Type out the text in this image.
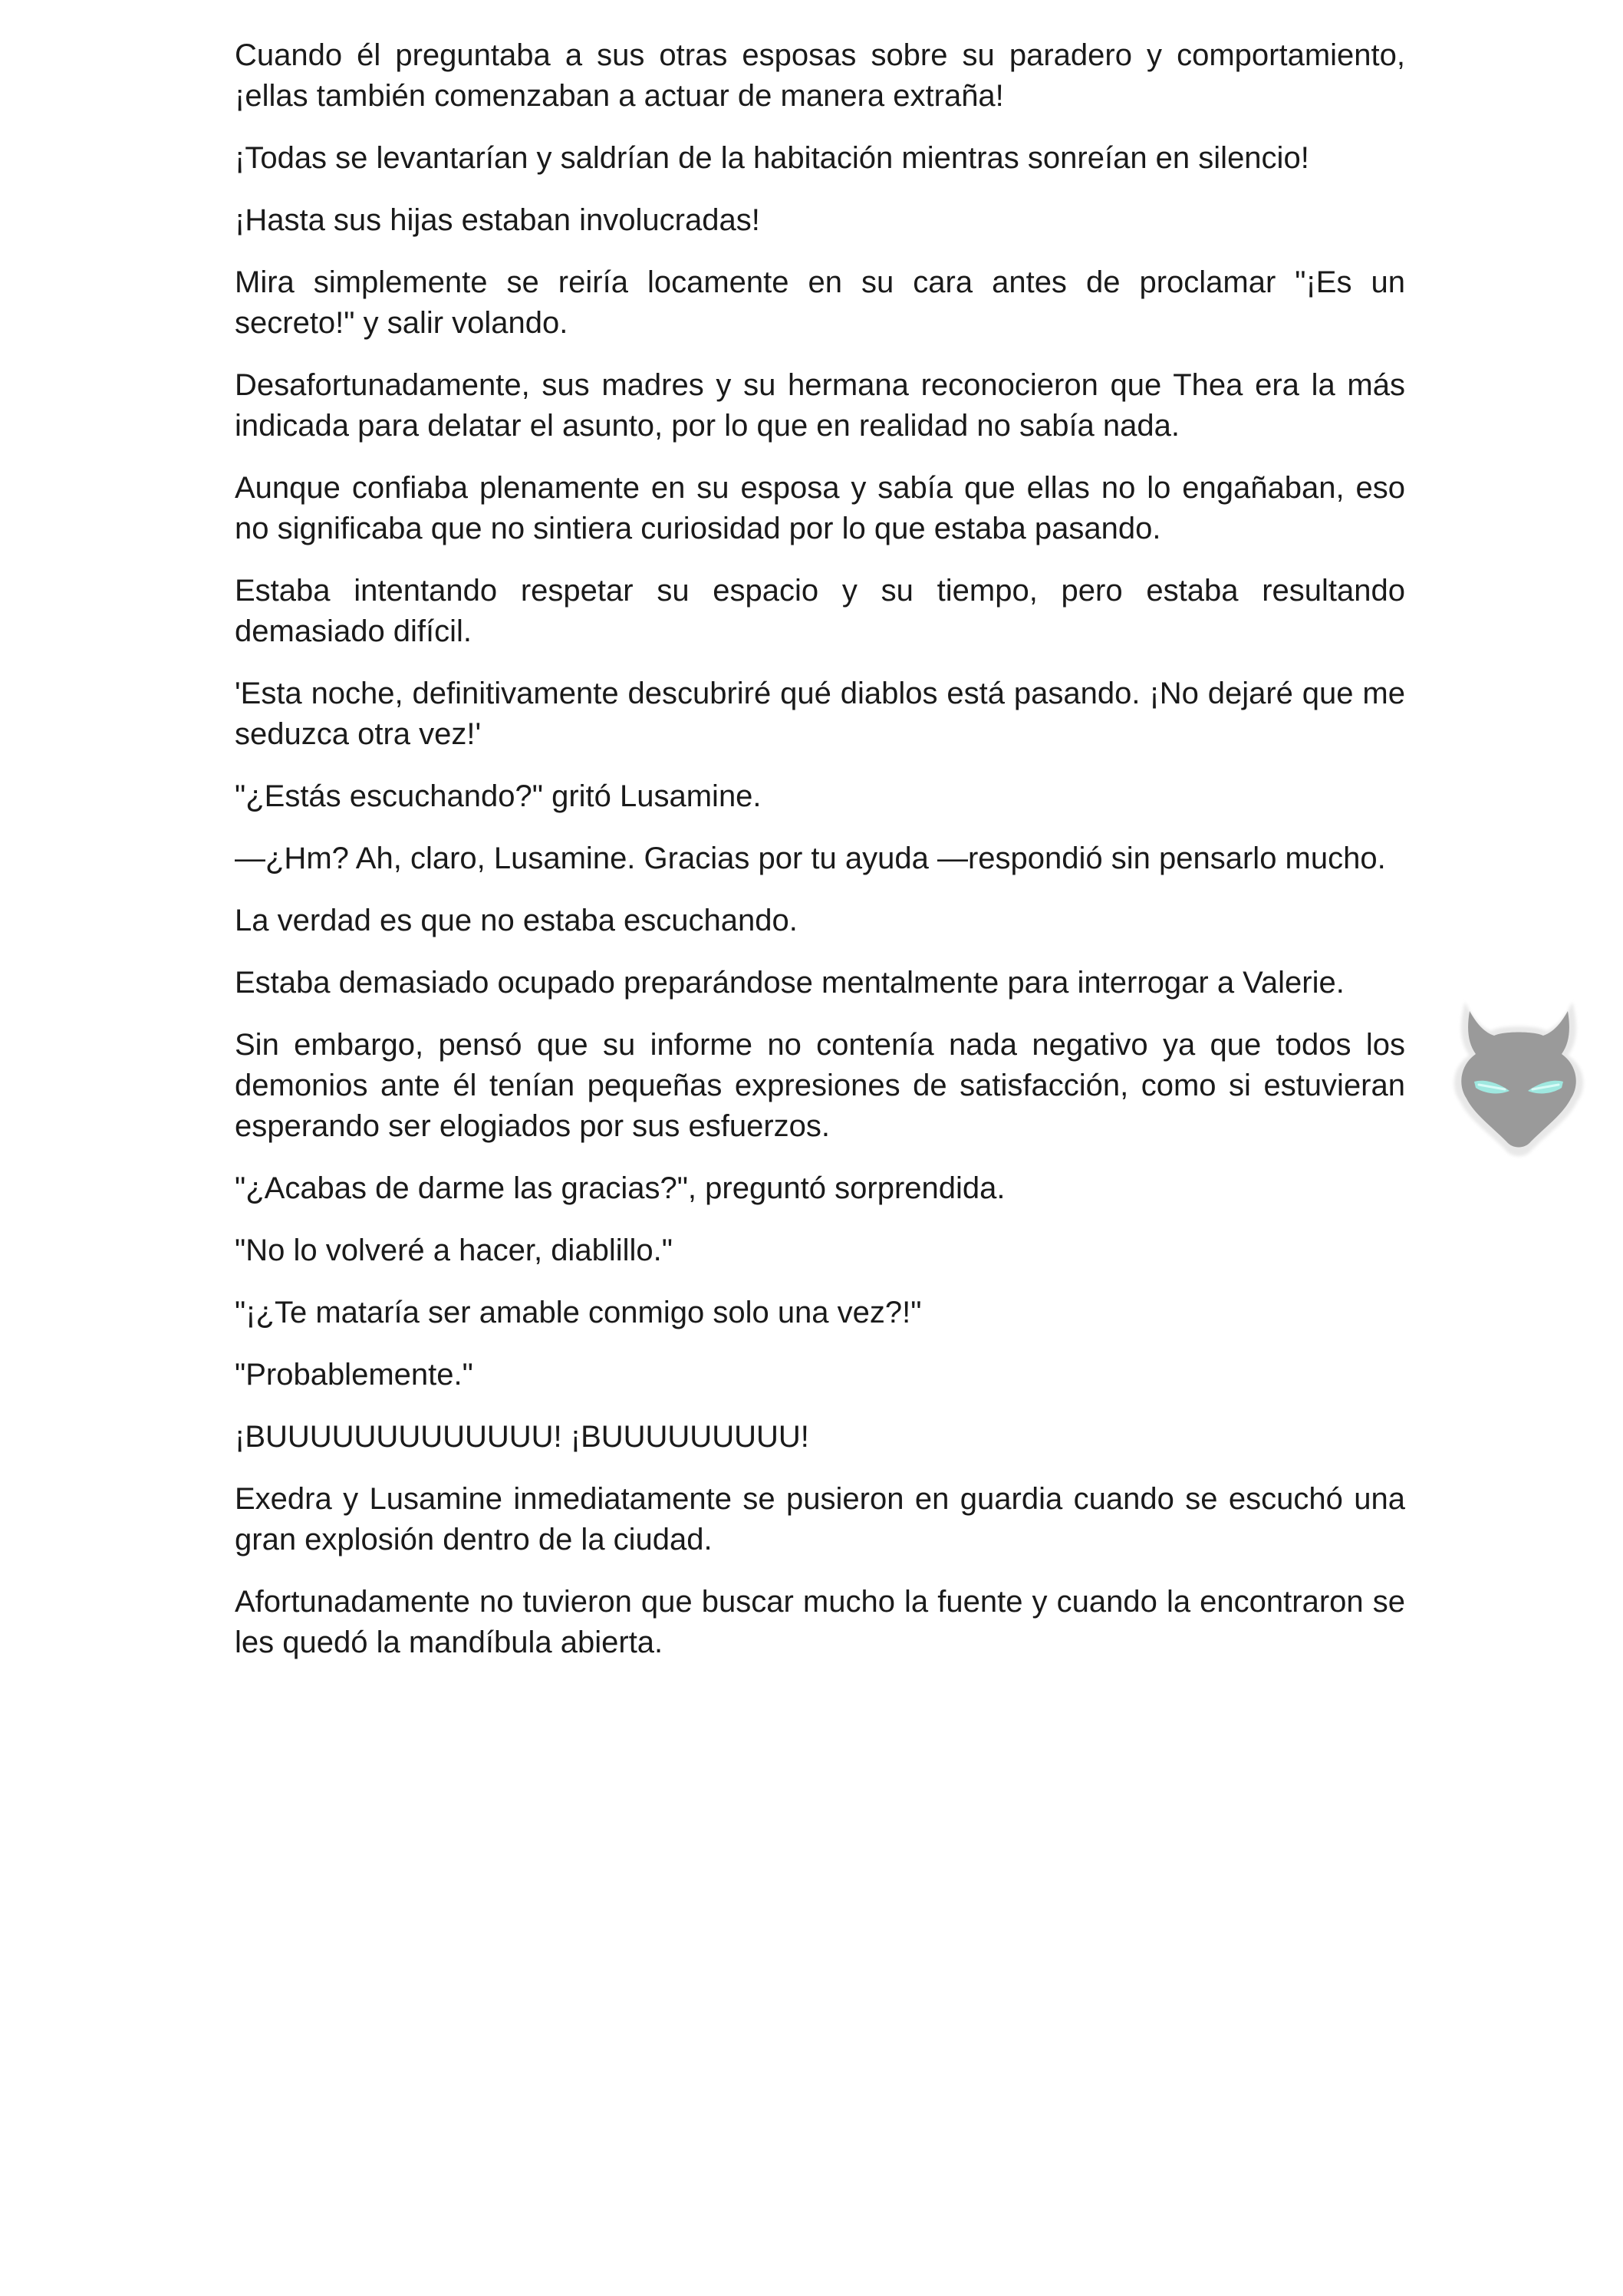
Cuando él preguntaba a sus otras esposas sobre su paradero y comportamiento, ¡ellas también comenzaban a actuar de manera extraña!

¡Todas se levantarían y saldrían de la habitación mientras sonreían en silencio!

¡Hasta sus hijas estaban involucradas!

Mira simplemente se reiría locamente en su cara antes de proclamar "¡Es un secreto!" y salir volando.

Desafortunadamente, sus madres y su hermana reconocieron que Thea era la más indicada para delatar el asunto, por lo que en realidad no sabía nada.

Aunque confiaba plenamente en su esposa y sabía que ellas no lo engañaban, eso no significaba que no sintiera curiosidad por lo que estaba pasando.

Estaba intentando respetar su espacio y su tiempo, pero estaba resultando demasiado difícil.

'Esta noche, definitivamente descubriré qué diablos está pasando. ¡No dejaré que me seduzca otra vez!'

"¿Estás escuchando?" gritó Lusamine.

—¿Hm? Ah, claro, Lusamine. Gracias por tu ayuda —respondió sin pensarlo mucho.

La verdad es que no estaba escuchando.

Estaba demasiado ocupado preparándose mentalmente para interrogar a Valerie.

Sin embargo, pensó que su informe no contenía nada negativo ya que todos los demonios ante él tenían pequeñas expresiones de satisfacción, como si estuvieran esperando ser elogiados por sus esfuerzos.

"¿Acabas de darme las gracias?", preguntó sorprendida.

"No lo volveré a hacer, diablillo."

"¡¿Te mataría ser amable conmigo solo una vez?!"

"Probablemente."

¡BUUUUUUUUUUUUU! ¡BUUUUUUUUU!

Exedra y Lusamine inmediatamente se pusieron en guardia cuando se escuchó una gran explosión dentro de la ciudad.

Afortunadamente no tuvieron que buscar mucho la fuente y cuando la encontraron se les quedó la mandíbula abierta.
